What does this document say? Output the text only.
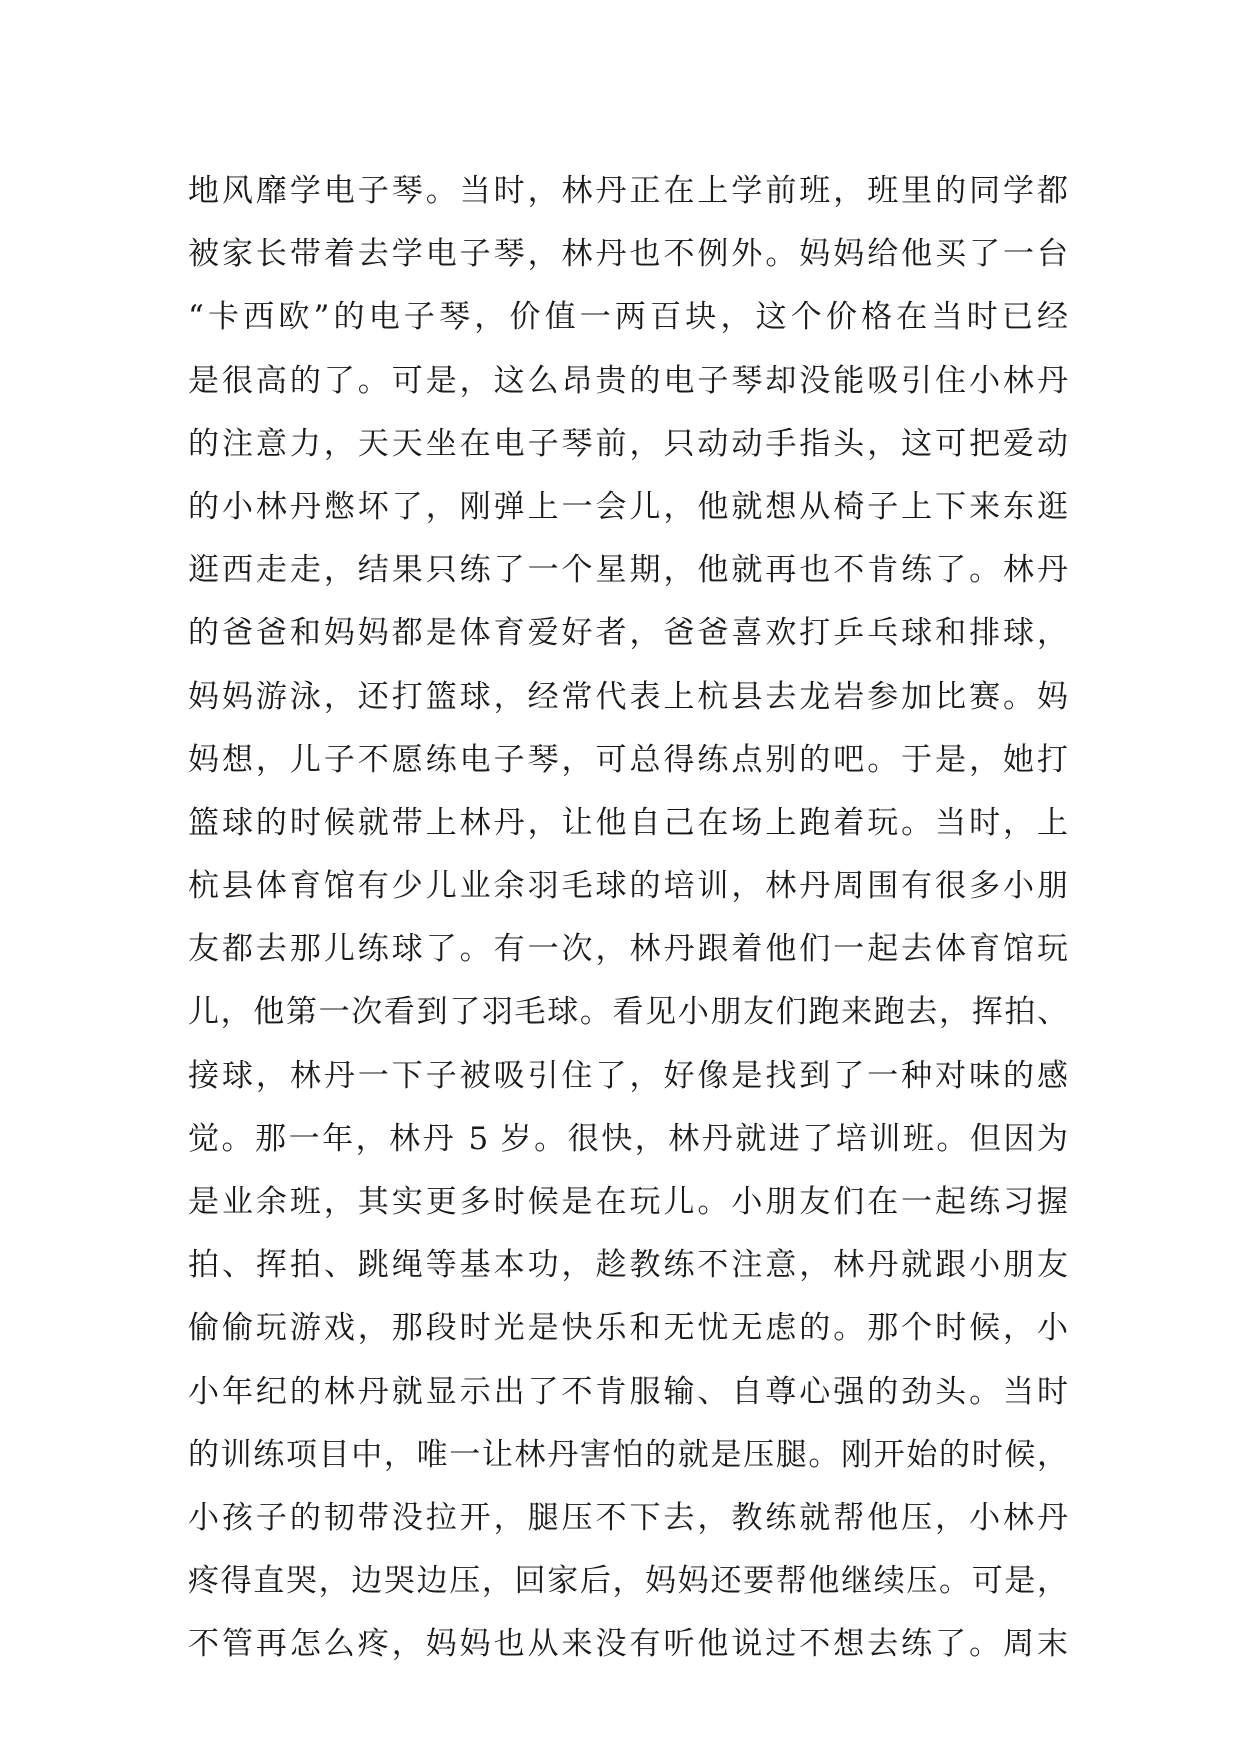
地风靡学电子琴。当时，林丹正在上学前班，班里的同学都
被家长带着去学电子琴，林丹也不例外。妈妈给他买了一台
“卡西欧”的电子琴，价值一两百块，这个价格在当时已经
是很高的了。可是，这么昂贵的电子琴却没能吸引住小林丹
的注意力，天天坐在电子琴前，只动动手指头，这可把爱动
的小林丹憋坏了，刚弹上一会儿，他就想从椅子上下来东逛
逛西走走，结果只练了一个星期，他就再也不肯练了。林丹
的爸爸和妈妈都是体育爱好者，爸爸喜欢打乒乓球和排球，
妈妈游泳，还打篮球，经常代表上杭县去龙岩参加比赛。妈
妈想，儿子不愿练电子琴，可总得练点别的吧。于是，她打
篮球的时候就带上林丹，让他自己在场上跑着玩。当时，上
杭县体育馆有少儿业余羽毛球的培训，林丹周围有很多小朋
友都去那儿练球了。有一次，林丹跟着他们一起去体育馆玩
儿，他第一次看到了羽毛球。看见小朋友们跑来跑去，挥拍、
接球，林丹一下子被吸引住了，好像是找到了一种对味的感
觉。那一年，林丹 5 岁。很快，林丹就进了培训班。但因为
是业余班，其实更多时候是在玩儿。小朋友们在一起练习握
拍、挥拍、跳绳等基本功，趁教练不注意，林丹就跟小朋友
偷偷玩游戏，那段时光是快乐和无忧无虑的。那个时候，小
小年纪的林丹就显示出了不肯服输、自尊心强的劲头。当时
的训练项目中，唯一让林丹害怕的就是压腿。刚开始的时候，
小孩子的韧带没拉开，腿压不下去，教练就帮他压，小林丹
疼得直哭，边哭边压，回家后，妈妈还要帮他继续压。可是，
不管再怎么疼，妈妈也从来没有听他说过不想去练了。周末
